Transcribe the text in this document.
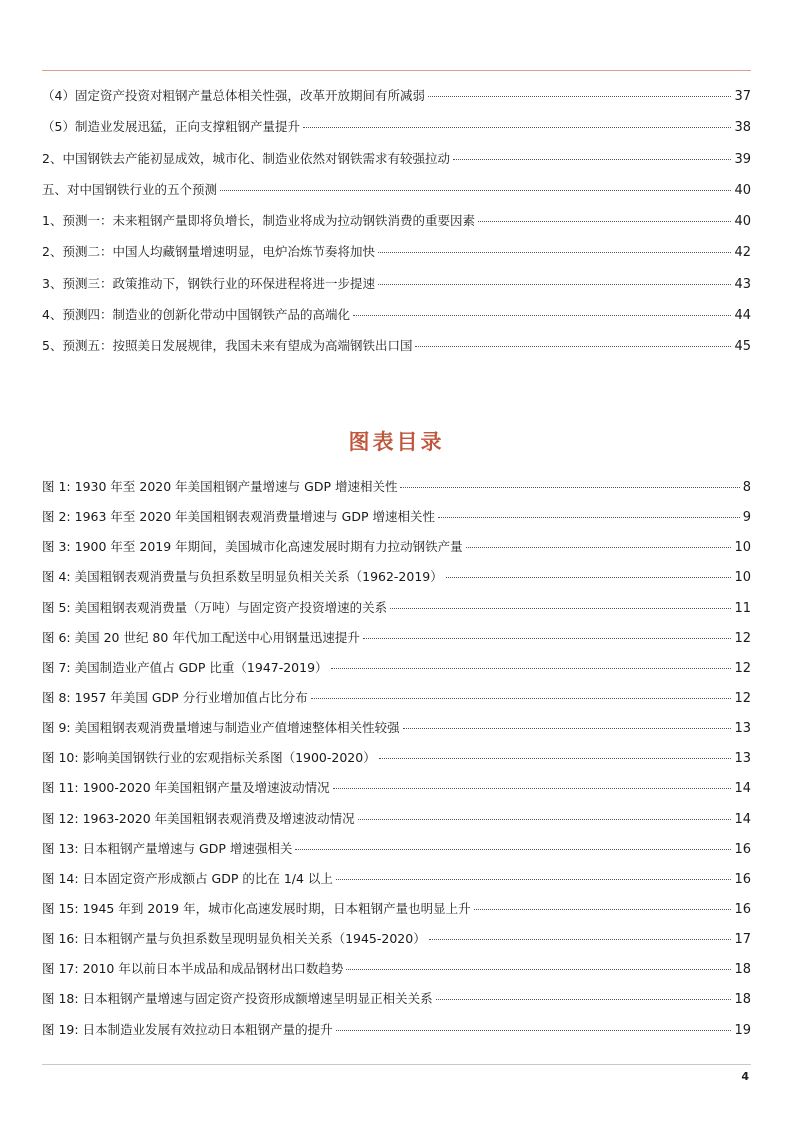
（4）固定资产投资对粗钢产量总体相关性强，改革开放期间有所减弱	37
（5）制造业发展迅猛，正向支撑粗钢产量提升	38
2、中国钢铁去产能初显成效，城市化、制造业依然对钢铁需求有较强拉动	39
五、对中国钢铁行业的五个预测	40
1、预测一：未来粗钢产量即将负增长，制造业将成为拉动钢铁消费的重要因素	40
2、预测二：中国人均藏钢量增速明显，电炉冶炼节奏将加快	42
3、预测三：政策推动下，钢铁行业的环保进程将进一步提速	43
4、预测四：制造业的创新化带动中国钢铁产品的高端化	44
5、预测五：按照美日发展规律，我国未来有望成为高端钢铁出口国	45
图表目录
图 1: 1930 年至 2020 年美国粗钢产量增速与 GDP 增速相关性	8
图 2: 1963 年至 2020 年美国粗钢表观消费量增速与 GDP 增速相关性	9
图 3: 1900 年至 2019 年期间，美国城市化高速发展时期有力拉动钢铁产量	10
图 4: 美国粗钢表观消费量与负担系数呈明显负相关关系（1962-2019）	10
图 5: 美国粗钢表观消费量（万吨）与固定资产投资增速的关系	11
图 6: 美国 20 世纪 80 年代加工配送中心用钢量迅速提升	12
图 7: 美国制造业产值占 GDP 比重（1947-2019）	12
图 8: 1957 年美国 GDP 分行业增加值占比分布	12
图 9: 美国粗钢表观消费量增速与制造业产值增速整体相关性较强	13
图 10: 影响美国钢铁行业的宏观指标关系图（1900-2020）	13
图 11: 1900-2020 年美国粗钢产量及增速波动情况	14
图 12: 1963-2020 年美国粗钢表观消费及增速波动情况	14
图 13: 日本粗钢产量增速与 GDP 增速强相关	16
图 14: 日本固定资产形成额占 GDP 的比在 1/4 以上	16
图 15: 1945 年到 2019 年，城市化高速发展时期，日本粗钢产量也明显上升	16
图 16: 日本粗钢产量与负担系数呈现明显负相关关系（1945-2020）	17
图 17: 2010 年以前日本半成品和成品钢材出口数趋势	18
图 18: 日本粗钢产量增速与固定资产投资形成额增速呈明显正相关关系	18
图 19: 日本制造业发展有效拉动日本粗钢产量的提升	19
4
